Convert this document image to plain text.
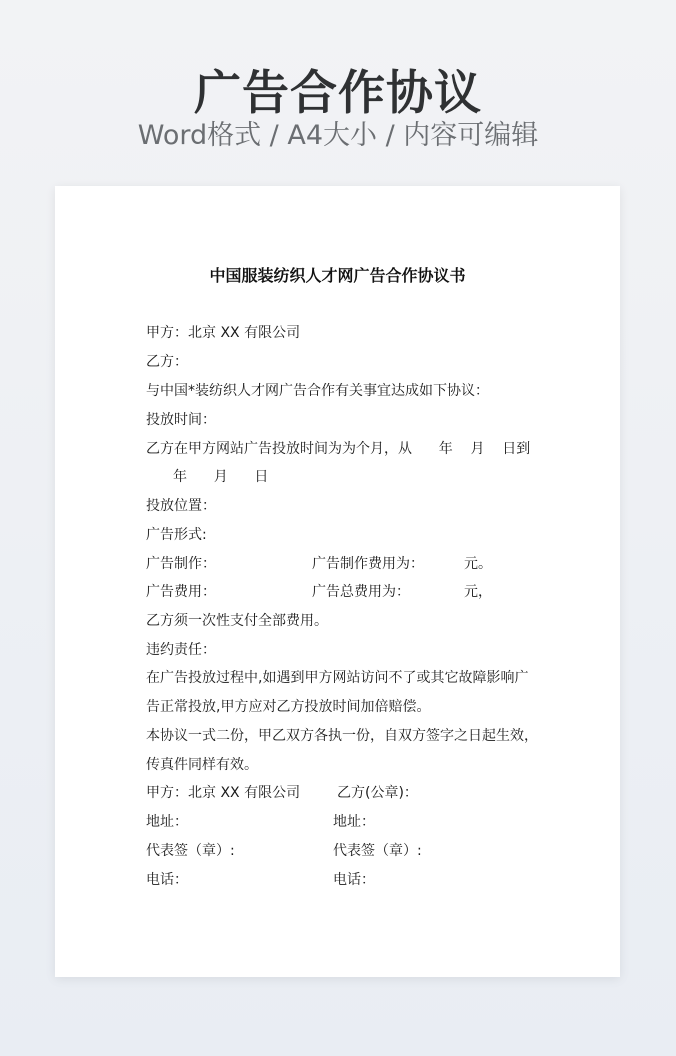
广告合作协议
Word格式 / A4大小 / 内容可编辑
中国服装纺织人才网广告合作协议书
甲方：北京 XX 有限公司
乙方：
与中国*装纺织人才网广告合作有关事宜达成如下协议：
投放时间：
乙方在甲方网站广告投放时间为为个月，从      年    月    日到
年      月      日
投放位置：
广告形式:
广告制作：	广告制作费用为：	元。
广告费用：	广告总费用为：	元，
乙方须一次性支付全部费用。
违约责任：
在广告投放过程中,如遇到甲方网站访问不了或其它故障影响广
告正常投放,甲方应对乙方投放时间加倍赔偿。
本协议一式二份，甲乙双方各执一份，自双方签字之日起生效，
传真件同样有效。
甲方：北京 XX 有限公司	乙方(公章)：
地址：	地址：
代表签（章）:	代表签（章）:
电话：	电话：
